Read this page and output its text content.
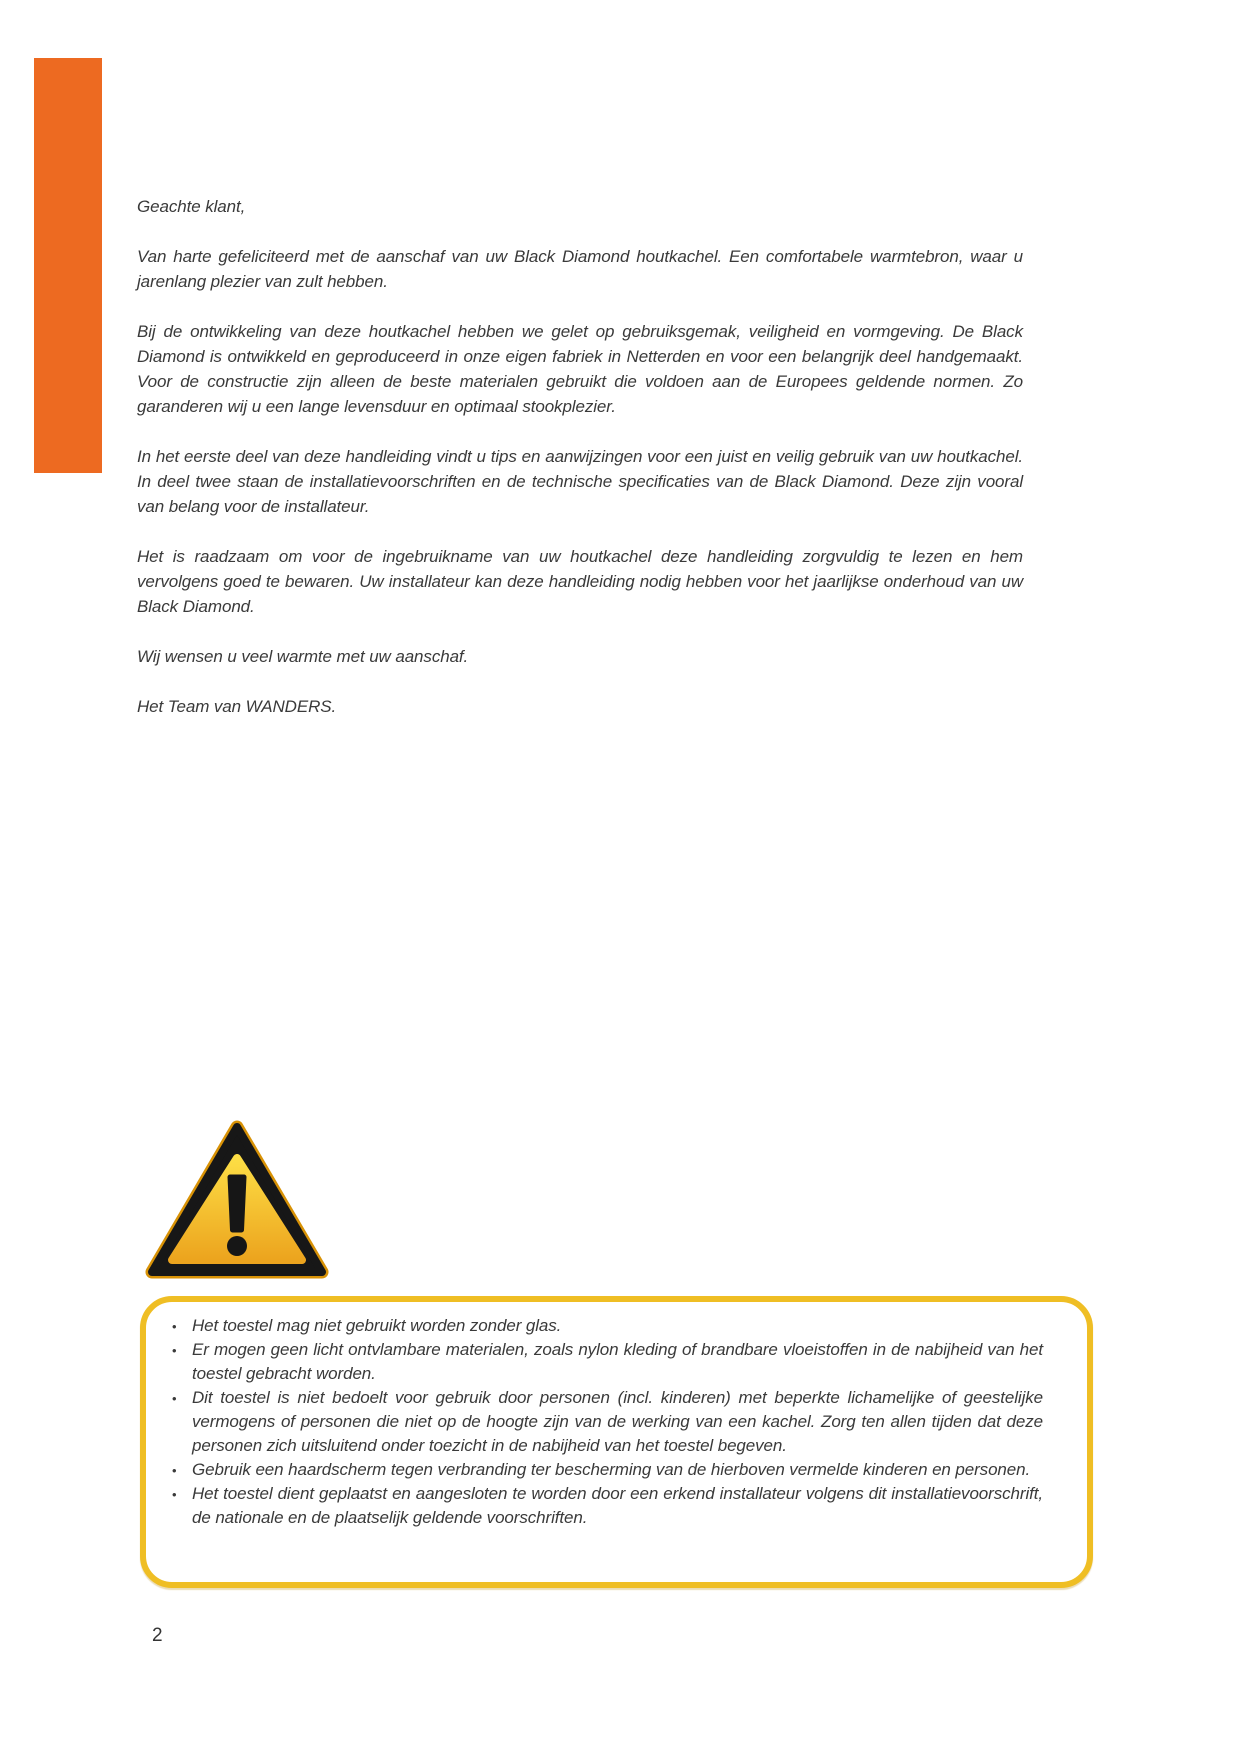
Geachte klant,

Van harte gefeliciteerd met de aanschaf van uw Black Diamond houtkachel. Een comfortabele warmtebron, waar u jarenlang plezier van zult hebben.

Bij de ontwikkeling van deze houtkachel hebben we gelet op gebruiksgemak, veiligheid en vormgeving. De Black Diamond is ontwikkeld en geproduceerd in onze eigen fabriek in Netterden en voor een belangrijk deel handgemaakt. Voor de constructie zijn alleen de beste materialen gebruikt die voldoen aan de Europees geldende normen. Zo garanderen wij u een lange levensduur en optimaal stookplezier.

In het eerste deel van deze handleiding vindt u tips en aanwijzingen voor een juist en veilig gebruik van uw houtkachel. In deel twee staan de installatievoorschriften en de technische specificaties van de Black Diamond. Deze zijn vooral van belang voor de installateur.

Het is raadzaam om voor de ingebruikname van uw houtkachel deze handleiding zorgvuldig te lezen en hem vervolgens goed te bewaren. Uw installateur kan deze handleiding nodig hebben voor het jaarlijkse onderhoud van uw Black Diamond.

Wij wensen u veel warmte met uw aanschaf.

Het Team van WANDERS.

• Het toestel mag niet gebruikt worden zonder glas.
• Er mogen geen licht ontvlambare materialen, zoals nylon kleding of brandbare vloeistoffen in de nabijheid van het toestel gebracht worden.
• Dit toestel is niet bedoelt voor gebruik door personen (incl. kinderen) met beperkte lichamelijke of geestelijke vermogens of personen die niet op de hoogte zijn van de werking van een kachel. Zorg ten allen tijden dat deze personen zich uitsluitend onder toezicht in de nabijheid van het toestel begeven.
• Gebruik een haardscherm tegen verbranding ter bescherming van de hierboven vermelde kinderen en personen.
• Het toestel dient geplaatst en aangesloten te worden door een erkend installateur volgens dit installatievoorschrift, de nationale en de plaatselijk geldende voorschriften.
2
